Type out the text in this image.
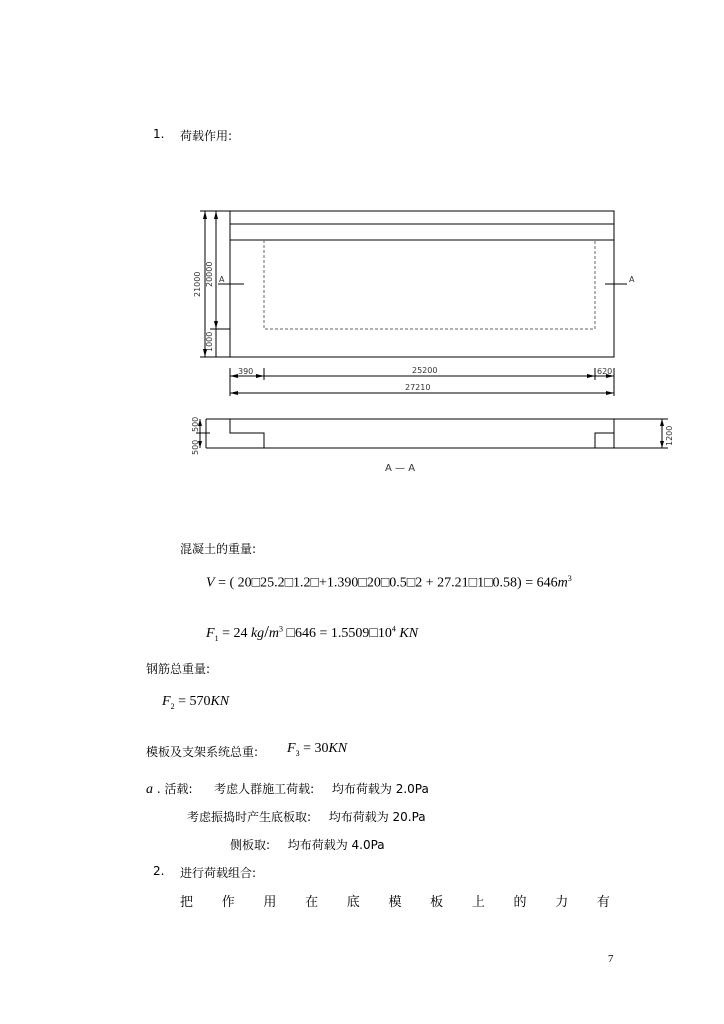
1. 荷载作用:
21000 20000
1000
390	25200	620
27210
500
500
1200
A	A
A — A
混凝土的重量:
V = ( 20□25.2□1.2□+1.390□20□0.5□2 + 27.21□1□0.58) = $646m^3$
$F_1 = 24$ $kg/m^3$ □646 = $1.5509□10^4$ KN
钢筋总重量:
$F_2 = 570KN$
模板及支架系统总重: $F_3 = 30KN$
a . 活载: 考虑人群施工荷载: 均布荷载为 2.0Pa
考虑振捣时产生底板取: 均布荷载为 20.Pa
侧板取: 均布荷载为 4.0Pa
2. 进行荷载组合:
把 作 用 在 底 模 板 上 的 力 有
7
